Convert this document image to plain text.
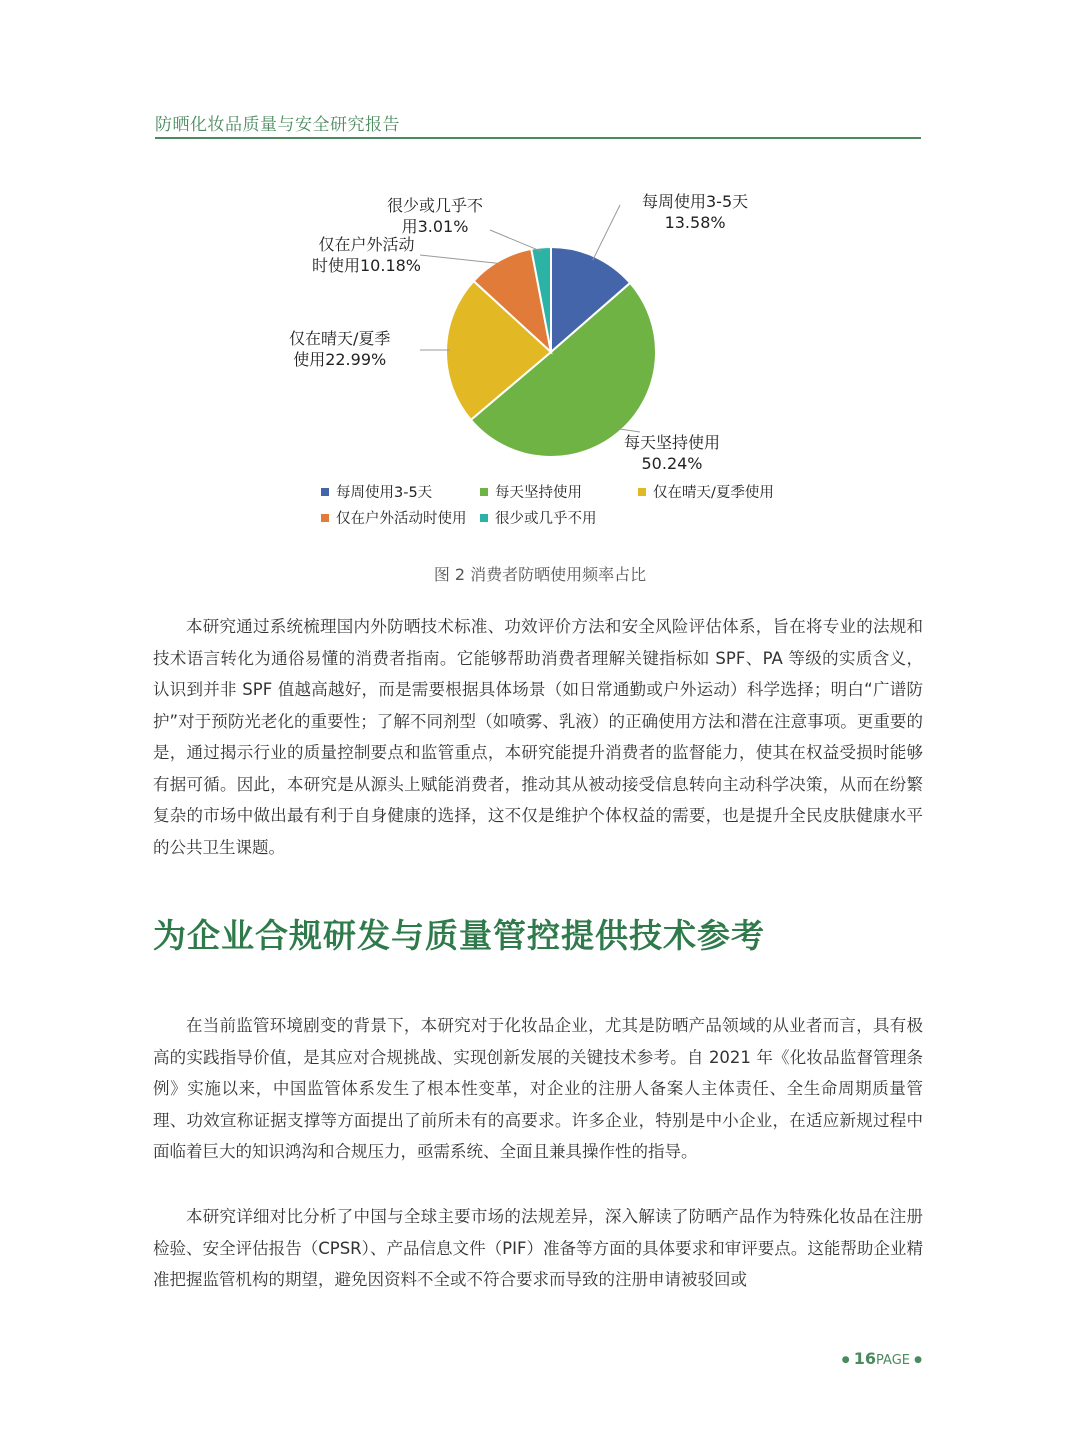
防晒化妆品质量与安全研究报告
每周使用3-5天
13.58%
每天坚持使用
50.24%
仅在晴天/夏季
使用22.99%
仅在户外活动
时使用10.18%
很少或几乎不
用3.01%
每周使用3-5天	每天坚持使用	仅在晴天/夏季使用
仅在户外活动时使用	很少或几乎不用
图 2 消费者防晒使用频率占比

本研究通过系统梳理国内外防晒技术标准、功效评价方法和安全风险评估体系，旨在将专业的法规和技术语言转化为通俗易懂的消费者指南。它能够帮助消费者理解关键指标如 SPF、PA 等级的实质含义，认识到并非 SPF 值越高越好，而是需要根据具体场景（如日常通勤或户外运动）科学选择；明白“广谱防护”对于预防光老化的重要性；了解不同剂型（如喷雾、乳液）的正确使用方法和潜在注意事项。更重要的是，通过揭示行业的质量控制要点和监管重点，本研究能提升消费者的监督能力，使其在权益受损时能够有据可循。因此，本研究是从源头上赋能消费者，推动其从被动接受信息转向主动科学决策，从而在纷繁复杂的市场中做出最有利于自身健康的选择，这不仅是维护个体权益的需要，也是提升全民皮肤健康水平的公共卫生课题。

为企业合规研发与质量管控提供技术参考

在当前监管环境剧变的背景下，本研究对于化妆品企业，尤其是防晒产品领域的从业者而言，具有极高的实践指导价值，是其应对合规挑战、实现创新发展的关键技术参考。自 2021 年《化妆品监督管理条例》实施以来，中国监管体系发生了根本性变革，对企业的注册人备案人主体责任、全生命周期质量管理、功效宣称证据支撑等方面提出了前所未有的高要求。许多企业，特别是中小企业，在适应新规过程中面临着巨大的知识鸿沟和合规压力，亟需系统、全面且兼具操作性的指导。

本研究详细对比分析了中国与全球主要市场的法规差异，深入解读了防晒产品作为特殊化妆品在注册检验、安全评估报告（CPSR）、产品信息文件（PIF）准备等方面的具体要求和审评要点。这能帮助企业精准把握监管机构的期望，避免因资料不全或不符合要求而导致的注册申请被驳回或

● 16PAGE ●
